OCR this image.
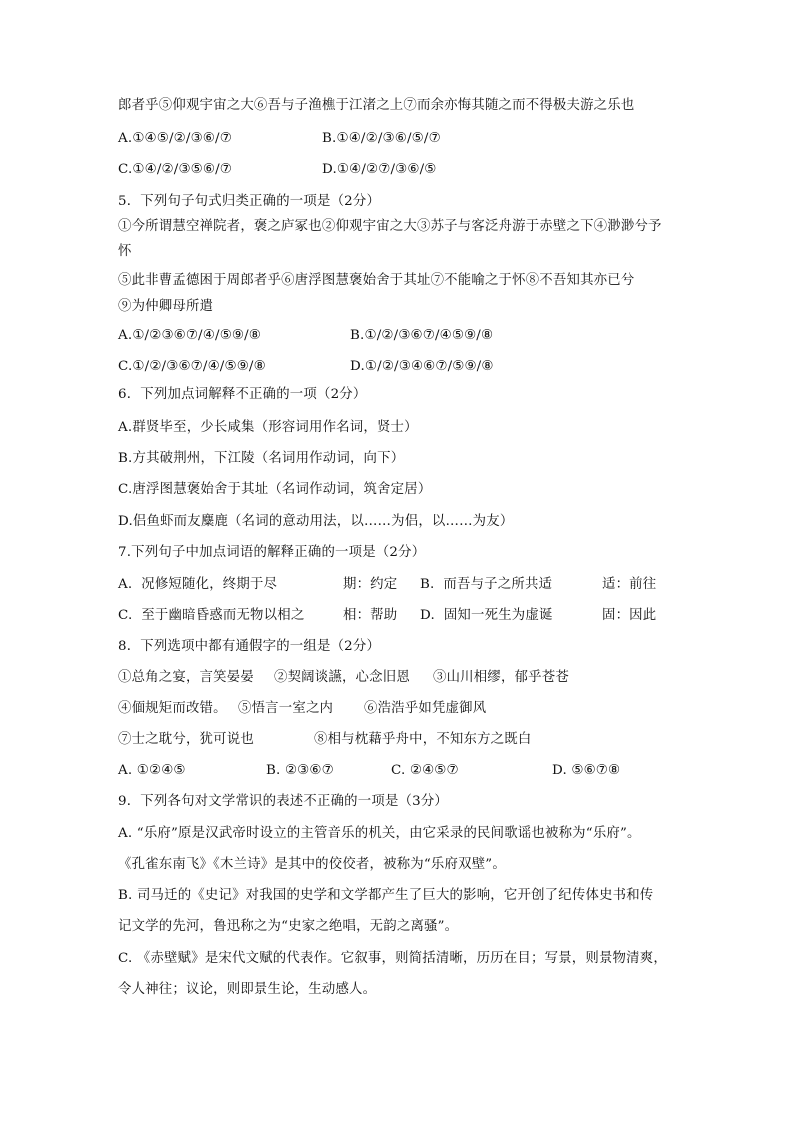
郎者乎⑤仰观宇宙之大⑥吾与子渔樵于江渚之上⑦而余亦悔其随之而不得极夫游之乐也
A.①④⑤/②/③⑥/⑦	B.①④/②/③⑥/⑤/⑦
C.①④/②/③⑤⑥/⑦	D.①④/②⑦/③⑥/⑤
5．下列句子句式归类正确的一项是（2分）
①今所谓慧空禅院者，褒之庐冢也②仰观宇宙之大③苏子与客泛舟游于赤壁之下④渺渺兮予
怀
⑤此非曹孟德困于周郎者乎⑥唐浮图慧褒始舍于其址⑦不能喻之于怀⑧不吾知其亦已兮
⑨为仲卿母所遣
A.①/②③⑥⑦/④/⑤⑨/⑧	B.①/②/③⑥⑦/④⑤⑨/⑧
C.①/②/③⑥⑦/④/⑤⑨/⑧	D.①/②/③④⑥⑦/⑤⑨/⑧
6．下列加点词解释不正确的一项（2分）
A.群贤毕至，少长咸集（形容词用作名词，贤士）
B.方其破荆州，下江陵（名词用作动词，向下）
C.唐浮图慧褒始舍于其址（名词作动词，筑舍定居）
D.侣鱼虾而友麋鹿（名词的意动用法，以……为侣，以……为友）
7.下列句子中加点词语的解释正确的一项是（2分）
A.  况修短随化，终期于尽	期：约定 B.  而吾与子之所共适	适：前往
C.  至于幽暗昏惑而无物以相之	相：帮助 D.  固知一死生为虚诞	固：因此
8．下列选项中都有通假字的一组是（2分）
①总角之宴，言笑晏晏 ②契阔谈讌，心念旧恩 ③山川相缪，郁乎苍苍
④偭规矩而改错。 ⑤悟言一室之内 ⑥浩浩乎如凭虚御风
⑦士之耽兮，犹可说也	⑧相与枕藉乎舟中，不知东方之既白
A. ①②④⑤	B. ②③⑥⑦	C. ②④⑤⑦	D. ⑤⑥⑦⑧
9．下列各句对文学常识的表述不正确的一项是（3分）
A. “乐府”原是汉武帝时设立的主管音乐的机关，由它采录的民间歌谣也被称为“乐府”。
《孔雀东南飞》《木兰诗》是其中的佼佼者，被称为“乐府双壁”。
B. 司马迁的《史记》对我国的史学和文学都产生了巨大的影响，它开创了纪传体史书和传
记文学的先河，鲁迅称之为“史家之绝唱，无韵之离骚”。
C. 《赤壁赋》是宋代文赋的代表作。它叙事，则简括清晰，历历在目；写景，则景物清爽，
令人神往；议论，则即景生论，生动感人。
